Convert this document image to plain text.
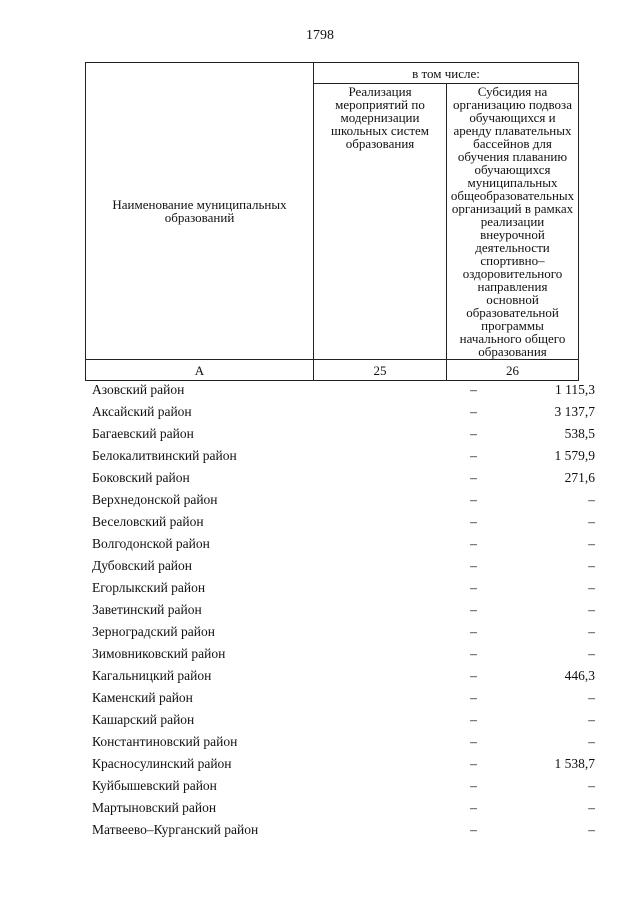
1798
Наименование муниципальных образований	в том числе:	
	Реализация мероприятий по модернизации школьных систем образования	Субсидия на организацию подвоза обучающихся и аренду плавательных бассейнов для обучения плаванию обучающихся муниципальных общеобразовательных организаций в рамках реализации внеурочной деятельности спортивно–оздоровительного направления основной образовательной программы начального общего образования
А	25	26
Азовский район	–	1 115,3
Аксайский район	–	3 137,7
Багаевский район	–	538,5
Белокалитвинский район	–	1 579,9
Боковский район	–	271,6
Верхнедонской район	–	–
Веселовский район	–	–
Волгодонской район	–	–
Дубовский район	–	–
Егорлыкский район	–	–
Заветинский район	–	–
Зерноградский район	–	–
Зимовниковский район	–	–
Кагальницкий район	–	446,3
Каменский район	–	–
Кашарский район	–	–
Константиновский район	–	–
Красносулинский район	–	1 538,7
Куйбышевский район	–	–
Мартыновский район	–	–
Матвеево–Курганский район	–	–
